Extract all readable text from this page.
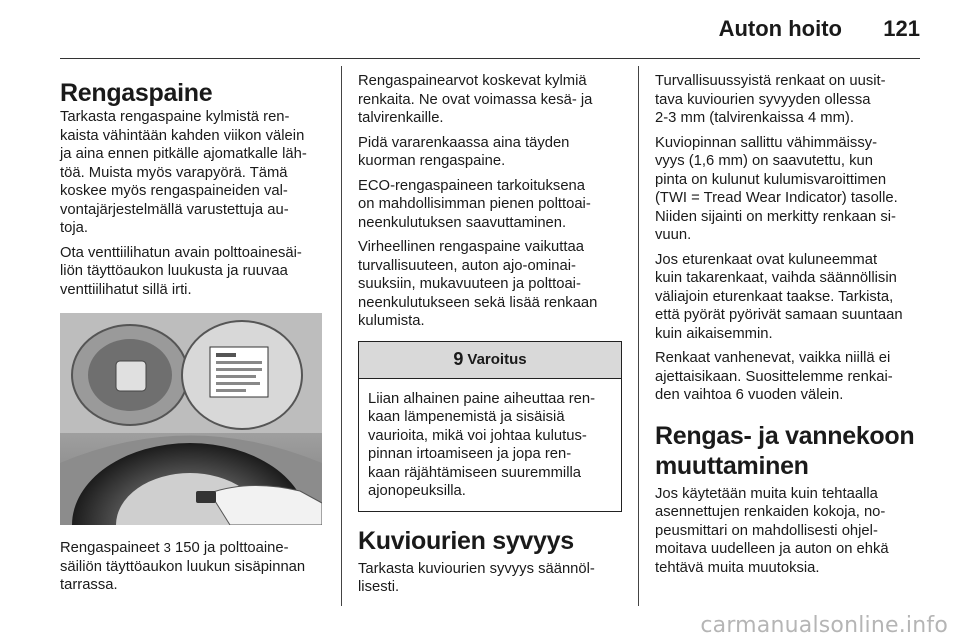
Auton hoito 121
Rengaspaine

Tarkasta rengaspaine kylmistä ren-
kaista vähintään kahden viikon välein
ja aina ennen pitkälle ajomatkalle läh-
töä. Muista myös varapyörä. Tämä
koskee myös rengaspaineiden val-
vontajärjestelmällä varustettuja au-
toja.

Ota venttiilihatun avain polttoainesäi-
liön täyttöaukon luukusta ja ruuvaa
venttiilihatut sillä irti.

Rengaspaineet 3 150 ja polttoaine-
säiliön täyttöaukon luukun sisäpinnan
tarrassa.

Rengaspainearvot koskevat kylmiä
renkaita. Ne ovat voimassa kesä- ja
talvirenkaille.

Pidä vararenkaassa aina täyden
kuorman rengaspaine.

ECO-rengaspaineen tarkoituksena
on mahdollisimman pienen polttoai-
neenkulutuksen saavuttaminen.

Virheellinen rengaspaine vaikuttaa
turvallisuuteen, auton ajo-ominai-
suuksiin, mukavuuteen ja polttoai-
neenkulutukseen sekä lisää renkaan
kulumista.

9 Varoitus

Liian alhainen paine aiheuttaa ren-
kaan lämpenemistä ja sisäisiä
vaurioita, mikä voi johtaa kulutus-
pinnan irtoamiseen ja jopa ren-
kaan räjähtämiseen suuremmilla
ajonopeuksilla.

Kuviourien syvyys

Tarkasta kuviourien syvyys säännöl-
lisesti.

Turvallisuussyistä renkaat on uusit-
tava kuviourien syvyyden ollessa
2-3 mm (talvirenkaissa 4 mm).

Kuviopinnan sallittu vähimmäissy-
vyys (1,6 mm) on saavutettu, kun
pinta on kulunut kulumisvaroittimen
(TWI = Tread Wear Indicator) tasolle.
Niiden sijainti on merkitty renkaan si-
vuun.

Jos eturenkaat ovat kuluneemmat
kuin takarenkaat, vaihda säännöllisin
väliajoin eturenkaat taakse. Tarkista,
että pyörät pyörivät samaan suuntaan
kuin aikaisemmin.

Renkaat vanhenevat, vaikka niillä ei
ajettaisikaan. Suosittelemme renkai-
den vaihtoa 6 vuoden välein.

Rengas- ja vannekoon
muuttaminen

Jos käytetään muita kuin tehtaalla
asennettujen renkaiden kokoja, no-
peusmittari on mahdollisesti ohjel-
moitava uudelleen ja auton on ehkä
tehtävä muita muutoksia.

carmanualsonline.info
